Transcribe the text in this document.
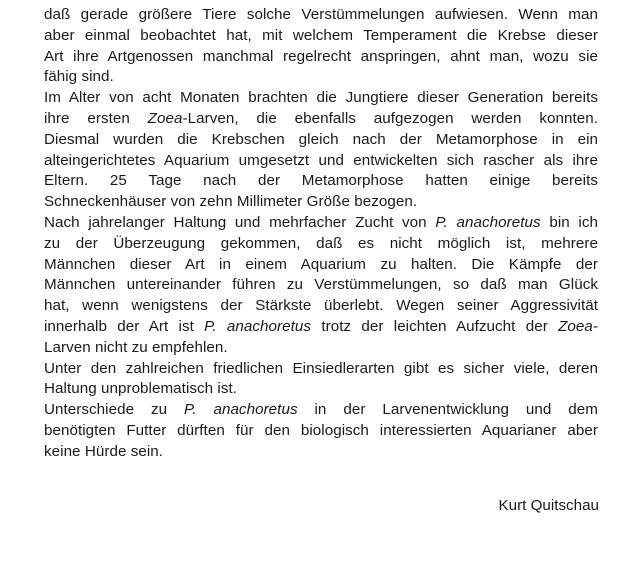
daß gerade größere Tiere solche Verstümmelungen aufwiesen. Wenn man
aber einmal beobachtet hat, mit welchem Temperament die Krebse dieser
Art ihre Artgenossen manchmal regelrecht anspringen, ahnt man, wozu sie
fähig sind.
Im Alter von acht Monaten brachten die Jungtiere dieser Generation bereits
ihre ersten Zoea-Larven, die ebenfalls aufgezogen werden konnten.
Diesmal wurden die Krebschen gleich nach der Metamorphose in ein
alteingerichtetes Aquarium umgesetzt und entwickelten sich rascher als ihre
Eltern. 25 Tage nach der Metamorphose hatten einige bereits
Schneckenhäuser von zehn Millimeter Größe bezogen.
Nach jahrelanger Haltung und mehrfacher Zucht von P. anachoretus bin ich
zu der Überzeugung gekommen, daß es nicht möglich ist, mehrere
Männchen dieser Art in einem Aquarium zu halten. Die Kämpfe der
Männchen untereinander führen zu Verstümmelungen, so daß man Glück
hat, wenn wenigstens der Stärkste überlebt. Wegen seiner Aggressivität
innerhalb der Art ist P. anachoretus trotz der leichten Aufzucht der Zoea-
Larven nicht zu empfehlen.
Unter den zahlreichen friedlichen Einsiedlerarten gibt es sicher viele, deren
Haltung unproblematisch ist.
Unterschiede zu P. anachoretus in der Larvenentwicklung und dem
benötigten Futter dürften für den biologisch interessierten Aquarianer aber
keine Hürde sein.
Kurt Quitschau
